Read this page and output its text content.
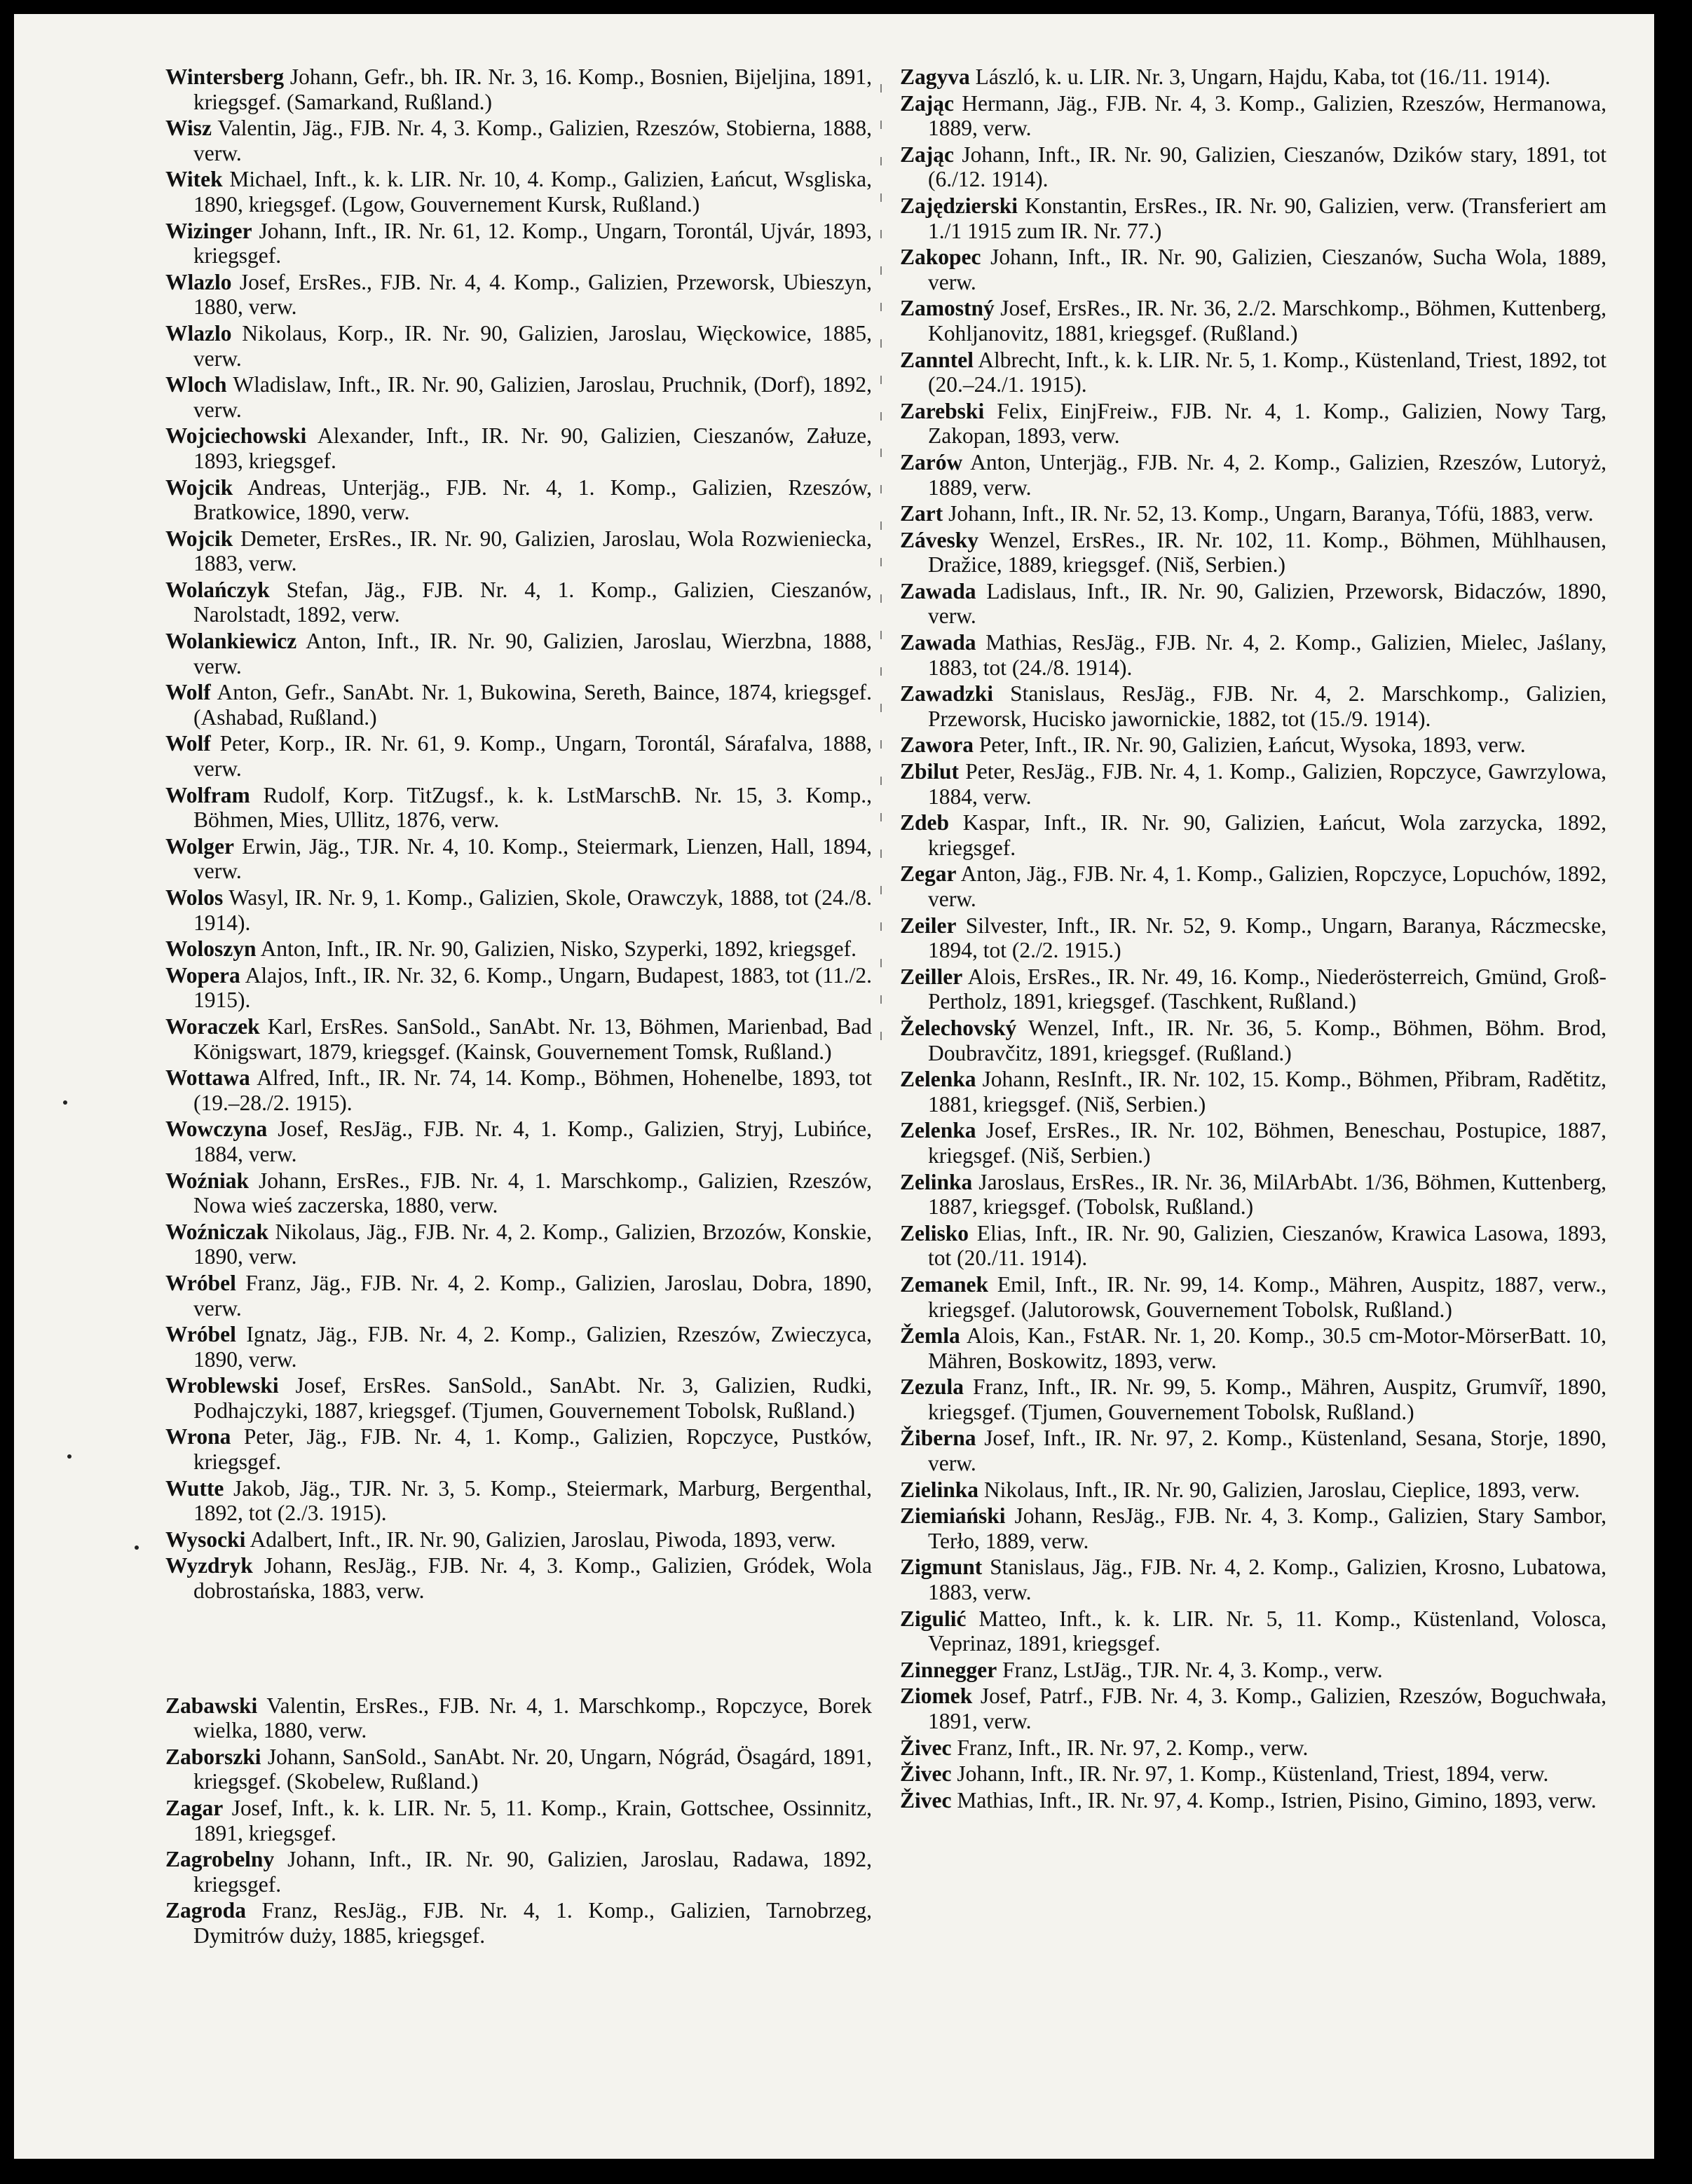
Wintersberg Johann, Gefr., bh. IR. Nr. 3, 16. Komp., Bosnien, Bijeljina, 1891, kriegsgef. (Samarkand, Rußland.)

Wisz Valentin, Jäg., FJB. Nr. 4, 3. Komp., Galizien, Rzeszów, Stobierna, 1888, verw.

Witek Michael, Inft., k. k. LIR. Nr. 10, 4. Komp., Galizien, Łańcut, Wsgliska, 1890, kriegsgef. (Lgow, Gouvernement Kursk, Rußland.)

Wizinger Johann, Inft., IR. Nr. 61, 12. Komp., Ungarn, Torontál, Ujvár, 1893, kriegsgef.

Wlazlo Josef, ErsRes., FJB. Nr. 4, 4. Komp., Galizien, Przeworsk, Ubieszyn, 1880, verw.

Wlazlo Nikolaus, Korp., IR. Nr. 90, Galizien, Jaroslau, Więckowice, 1885, verw.

Wloch Wladislaw, Inft., IR. Nr. 90, Galizien, Jaroslau, Pruchnik, (Dorf), 1892, verw.

Wojciechowski Alexander, Inft., IR. Nr. 90, Galizien, Cieszanów, Załuze, 1893, kriegsgef.

Wojcik Andreas, Unterjäg., FJB. Nr. 4, 1. Komp., Galizien, Rzeszów, Bratkowice, 1890, verw.

Wojcik Demeter, ErsRes., IR. Nr. 90, Galizien, Jaroslau, Wola Rozwieniecka, 1883, verw.

Wolańczyk Stefan, Jäg., FJB. Nr. 4, 1. Komp., Galizien, Cieszanów, Narolstadt, 1892, verw.

Wolankiewicz Anton, Inft., IR. Nr. 90, Galizien, Jaroslau, Wierzbna, 1888, verw.

Wolf Anton, Gefr., SanAbt. Nr. 1, Bukowina, Sereth, Baince, 1874, kriegsgef. (Ashabad, Rußland.)

Wolf Peter, Korp., IR. Nr. 61, 9. Komp., Ungarn, Torontál, Sárafalva, 1888, verw.

Wolfram Rudolf, Korp. TitZugsf., k. k. LstMarschB. Nr. 15, 3. Komp., Böhmen, Mies, Ullitz, 1876, verw.

Wolger Erwin, Jäg., TJR. Nr. 4, 10. Komp., Steiermark, Lienzen, Hall, 1894, verw.

Wolos Wasyl, IR. Nr. 9, 1. Komp., Galizien, Skole, Orawczyk, 1888, tot (24./8. 1914).

Woloszyn Anton, Inft., IR. Nr. 90, Galizien, Nisko, Szyperki, 1892, kriegsgef.

Wopera Alajos, Inft., IR. Nr. 32, 6. Komp., Ungarn, Budapest, 1883, tot (11./2. 1915).

Woraczek Karl, ErsRes. SanSold., SanAbt. Nr. 13, Böhmen, Marienbad, Bad Königswart, 1879, kriegsgef. (Kainsk, Gouvernement Tomsk, Rußland.)

Wottawa Alfred, Inft., IR. Nr. 74, 14. Komp., Böhmen, Hohenelbe, 1893, tot (19.–28./2. 1915).

Wowczyna Josef, ResJäg., FJB. Nr. 4, 1. Komp., Galizien, Stryj, Lubińce, 1884, verw.

Woźniak Johann, ErsRes., FJB. Nr. 4, 1. Marschkomp., Galizien, Rzeszów, Nowa wieś zaczerska, 1880, verw.

Woźniczak Nikolaus, Jäg., FJB. Nr. 4, 2. Komp., Galizien, Brzozów, Konskie, 1890, verw.

Wróbel Franz, Jäg., FJB. Nr. 4, 2. Komp., Galizien, Jaroslau, Dobra, 1890, verw.

Wróbel Ignatz, Jäg., FJB. Nr. 4, 2. Komp., Galizien, Rzeszów, Zwieczyca, 1890, verw.

Wroblewski Josef, ErsRes. SanSold., SanAbt. Nr. 3, Galizien, Rudki, Podhajczyki, 1887, kriegsgef. (Tjumen, Gouvernement Tobolsk, Rußland.)

Wrona Peter, Jäg., FJB. Nr. 4, 1. Komp., Galizien, Ropczyce, Pustków, kriegsgef.

Wutte Jakob, Jäg., TJR. Nr. 3, 5. Komp., Steiermark, Marburg, Bergenthal, 1892, tot (2./3. 1915).

Wysocki Adalbert, Inft., IR. Nr. 90, Galizien, Jaroslau, Piwoda, 1893, verw.

Wyzdryk Johann, ResJäg., FJB. Nr. 4, 3. Komp., Galizien, Gródek, Wola dobrostańska, 1883, verw.

Zabawski Valentin, ErsRes., FJB. Nr. 4, 1. Marschkomp., Ropczyce, Borek wielka, 1880, verw.

Zaborszki Johann, SanSold., SanAbt. Nr. 20, Ungarn, Nógrád, Ösagárd, 1891, kriegsgef. (Skobelew, Rußland.)

Zagar Josef, Inft., k. k. LIR. Nr. 5, 11. Komp., Krain, Gottschee, Ossinnitz, 1891, kriegsgef.

Zagrobelny Johann, Inft., IR. Nr. 90, Galizien, Jaroslau, Radawa, 1892, kriegsgef.

Zagroda Franz, ResJäg., FJB. Nr. 4, 1. Komp., Galizien, Tarnobrzeg, Dymitrów duży, 1885, kriegsgef.

Zagyva László, k. u. LIR. Nr. 3, Ungarn, Hajdu, Kaba, tot (16./11. 1914).

Zając Hermann, Jäg., FJB. Nr. 4, 3. Komp., Galizien, Rzeszów, Hermanowa, 1889, verw.

Zając Johann, Inft., IR. Nr. 90, Galizien, Cieszanów, Dzików stary, 1891, tot (6./12. 1914).

Zajędzierski Konstantin, ErsRes., IR. Nr. 90, Galizien, verw. (Transferiert am 1./1 1915 zum IR. Nr. 77.)

Zakopec Johann, Inft., IR. Nr. 90, Galizien, Cieszanów, Sucha Wola, 1889, verw.

Zamostný Josef, ErsRes., IR. Nr. 36, 2./2. Marschkomp., Böhmen, Kuttenberg, Kohljanovitz, 1881, kriegsgef. (Rußland.)

Zanntel Albrecht, Inft., k. k. LIR. Nr. 5, 1. Komp., Küstenland, Triest, 1892, tot (20.–24./1. 1915).

Zarebski Felix, EinjFreiw., FJB. Nr. 4, 1. Komp., Galizien, Nowy Targ, Zakopan, 1893, verw.

Zarów Anton, Unterjäg., FJB. Nr. 4, 2. Komp., Galizien, Rzeszów, Lutoryż, 1889, verw.

Zart Johann, Inft., IR. Nr. 52, 13. Komp., Ungarn, Baranya, Tófü, 1883, verw.

Závesky Wenzel, ErsRes., IR. Nr. 102, 11. Komp., Böhmen, Mühlhausen, Dražice, 1889, kriegsgef. (Niš, Serbien.)

Zawada Ladislaus, Inft., IR. Nr. 90, Galizien, Przeworsk, Bidaczów, 1890, verw.

Zawada Mathias, ResJäg., FJB. Nr. 4, 2. Komp., Galizien, Mielec, Jaślany, 1883, tot (24./8. 1914).

Zawadzki Stanislaus, ResJäg., FJB. Nr. 4, 2. Marschkomp., Galizien, Przeworsk, Hucisko jawornickie, 1882, tot (15./9. 1914).

Zawora Peter, Inft., IR. Nr. 90, Galizien, Łańcut, Wysoka, 1893, verw.

Zbilut Peter, ResJäg., FJB. Nr. 4, 1. Komp., Galizien, Ropczyce, Gawrzylowa, 1884, verw.

Zdeb Kaspar, Inft., IR. Nr. 90, Galizien, Łańcut, Wola zarzycka, 1892, kriegsgef.

Zegar Anton, Jäg., FJB. Nr. 4, 1. Komp., Galizien, Ropczyce, Lopuchów, 1892, verw.

Zeiler Silvester, Inft., IR. Nr. 52, 9. Komp., Ungarn, Baranya, Ráczmecske, 1894, tot (2./2. 1915.)

Zeiller Alois, ErsRes., IR. Nr. 49, 16. Komp., Niederösterreich, Gmünd, Groß-Pertholz, 1891, kriegsgef. (Taschkent, Rußland.)

Želechovský Wenzel, Inft., IR. Nr. 36, 5. Komp., Böhmen, Böhm. Brod, Doubravčitz, 1891, kriegsgef. (Rußland.)

Zelenka Johann, ResInft., IR. Nr. 102, 15. Komp., Böhmen, Přibram, Radětitz, 1881, kriegsgef. (Niš, Serbien.)

Zelenka Josef, ErsRes., IR. Nr. 102, Böhmen, Beneschau, Postupice, 1887, kriegsgef. (Niš, Serbien.)

Zelinka Jaroslaus, ErsRes., IR. Nr. 36, MilArbAbt. 1/36, Böhmen, Kuttenberg, 1887, kriegsgef. (Tobolsk, Rußland.)

Zelisko Elias, Inft., IR. Nr. 90, Galizien, Cieszanów, Krawica Lasowa, 1893, tot (20./11. 1914).

Zemanek Emil, Inft., IR. Nr. 99, 14. Komp., Mähren, Auspitz, 1887, verw., kriegsgef. (Jalutorowsk, Gouvernement Tobolsk, Rußland.)

Žemla Alois, Kan., FstAR. Nr. 1, 20. Komp., 30.5 cm-Motor-MörserBatt. 10, Mähren, Boskowitz, 1893, verw.

Zezula Franz, Inft., IR. Nr. 99, 5. Komp., Mähren, Auspitz, Grumvíř, 1890, kriegsgef. (Tjumen, Gouvernement Tobolsk, Rußland.)

Žiberna Josef, Inft., IR. Nr. 97, 2. Komp., Küstenland, Sesana, Storje, 1890, verw.

Zielinka Nikolaus, Inft., IR. Nr. 90, Galizien, Jaroslau, Cieplice, 1893, verw.

Ziemiański Johann, ResJäg., FJB. Nr. 4, 3. Komp., Galizien, Stary Sambor, Terło, 1889, verw.

Zigmunt Stanislaus, Jäg., FJB. Nr. 4, 2. Komp., Galizien, Krosno, Lubatowa, 1883, verw.

Zigulić Matteo, Inft., k. k. LIR. Nr. 5, 11. Komp., Küstenland, Volosca, Veprinaz, 1891, kriegsgef.

Zinnegger Franz, LstJäg., TJR. Nr. 4, 3. Komp., verw.

Ziomek Josef, Patrf., FJB. Nr. 4, 3. Komp., Galizien, Rzeszów, Boguchwała, 1891, verw.

Živec Franz, Inft., IR. Nr. 97, 2. Komp., verw.

Živec Johann, Inft., IR. Nr. 97, 1. Komp., Küstenland, Triest, 1894, verw.

Živec Mathias, Inft., IR. Nr. 97, 4. Komp., Istrien, Pisino, Gimino, 1893, verw.
